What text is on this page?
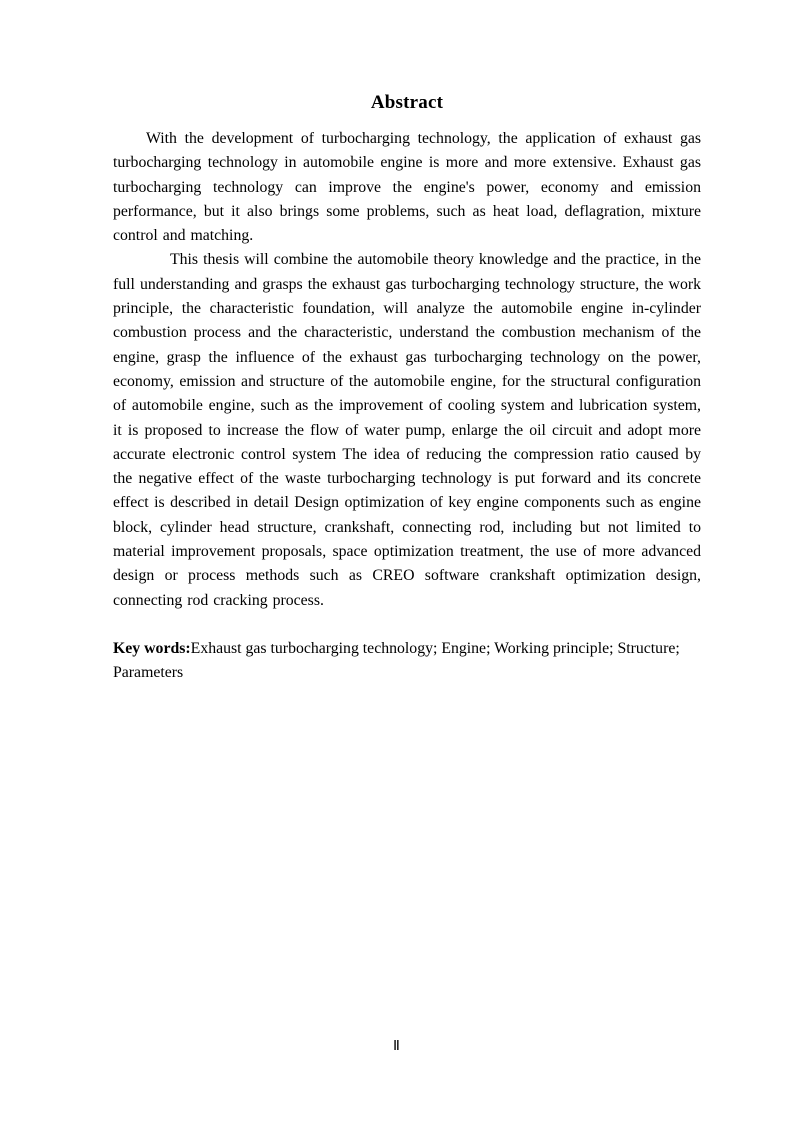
Abstract

With the development of turbocharging technology, the application of exhaust gas turbocharging technology in automobile engine is more and more extensive. Exhaust gas turbocharging technology can improve the engine's power, economy and emission performance, but it also brings some problems, such as heat load, deflagration, mixture control and matching.

This thesis will combine the automobile theory knowledge and the practice, in the full understanding and grasps the exhaust gas turbocharging technology structure, the work principle, the characteristic foundation, will analyze the automobile engine in-cylinder combustion process and the characteristic, understand the combustion mechanism of the engine, grasp the influence of the exhaust gas turbocharging technology on the power, economy, emission and structure of the automobile engine, for the structural configuration of automobile engine, such as the improvement of cooling system and lubrication system, it is proposed to increase the flow of water pump, enlarge the oil circuit and adopt more accurate electronic control system The idea of reducing the compression ratio caused by the negative effect of the waste turbocharging technology is put forward and its concrete effect is described in detail Design optimization of key engine components such as engine block, cylinder head structure, crankshaft, connecting rod, including but not limited to material improvement proposals, space optimization treatment, the use of more advanced design or process methods such as CREO software crankshaft optimization design, connecting rod cracking process.

Key words:Exhaust gas turbocharging technology; Engine; Working principle; Structure; Parameters

Ⅱ
